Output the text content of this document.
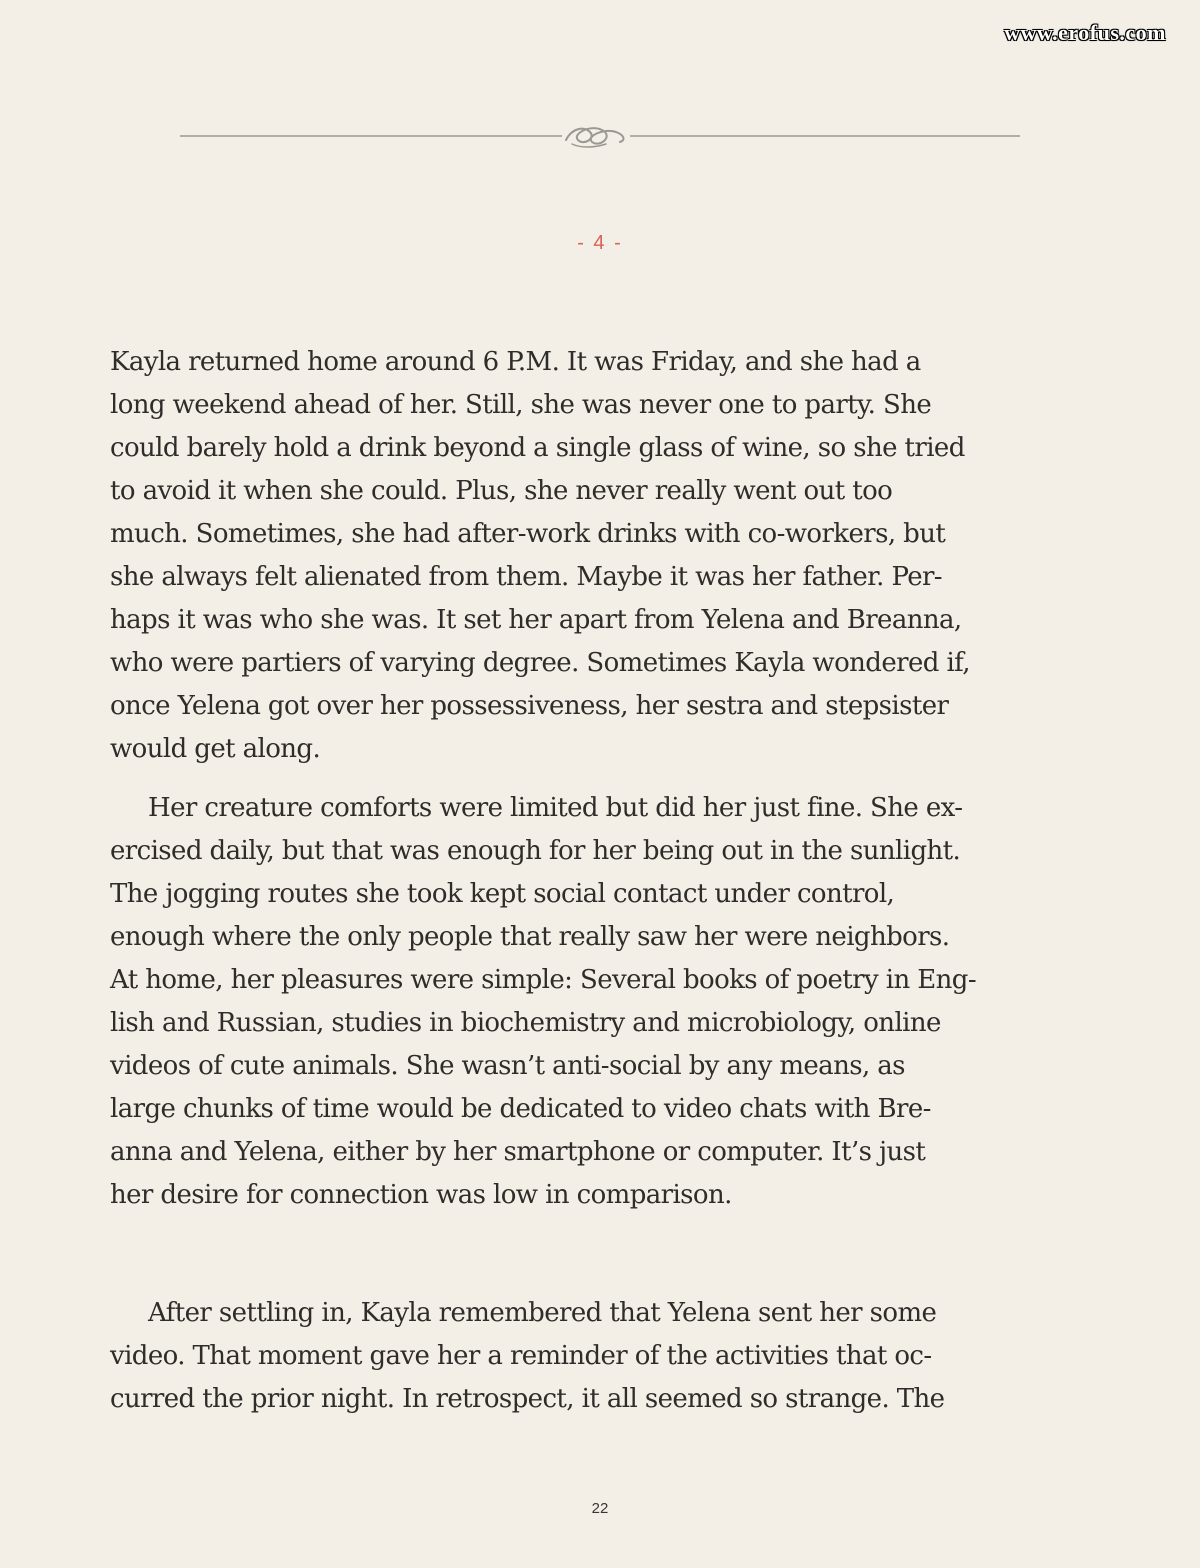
www.erofus.com
- 4 -
Kayla returned home around 6 P.M. It was Friday, and she had a
long weekend ahead of her. Still, she was never one to party. She
could barely hold a drink beyond a single glass of wine, so she tried
to avoid it when she could. Plus, she never really went out too
much. Sometimes, she had after-work drinks with co-workers, but
she always felt alienated from them. Maybe it was her father. Per-
haps it was who she was. It set her apart from Yelena and Breanna,
who were partiers of varying degree. Sometimes Kayla wondered if,
once Yelena got over her possessiveness, her sestra and stepsister
would get along.
Her creature comforts were limited but did her just fine. She ex-
ercised daily, but that was enough for her being out in the sunlight.
The jogging routes she took kept social contact under control,
enough where the only people that really saw her were neighbors.
At home, her pleasures were simple: Several books of poetry in Eng-
lish and Russian, studies in biochemistry and microbiology, online
videos of cute animals. She wasn’t anti-social by any means, as
large chunks of time would be dedicated to video chats with Bre-
anna and Yelena, either by her smartphone or computer. It’s just
her desire for connection was low in comparison.
After settling in, Kayla remembered that Yelena sent her some
video. That moment gave her a reminder of the activities that oc-
curred the prior night. In retrospect, it all seemed so strange. The
22
